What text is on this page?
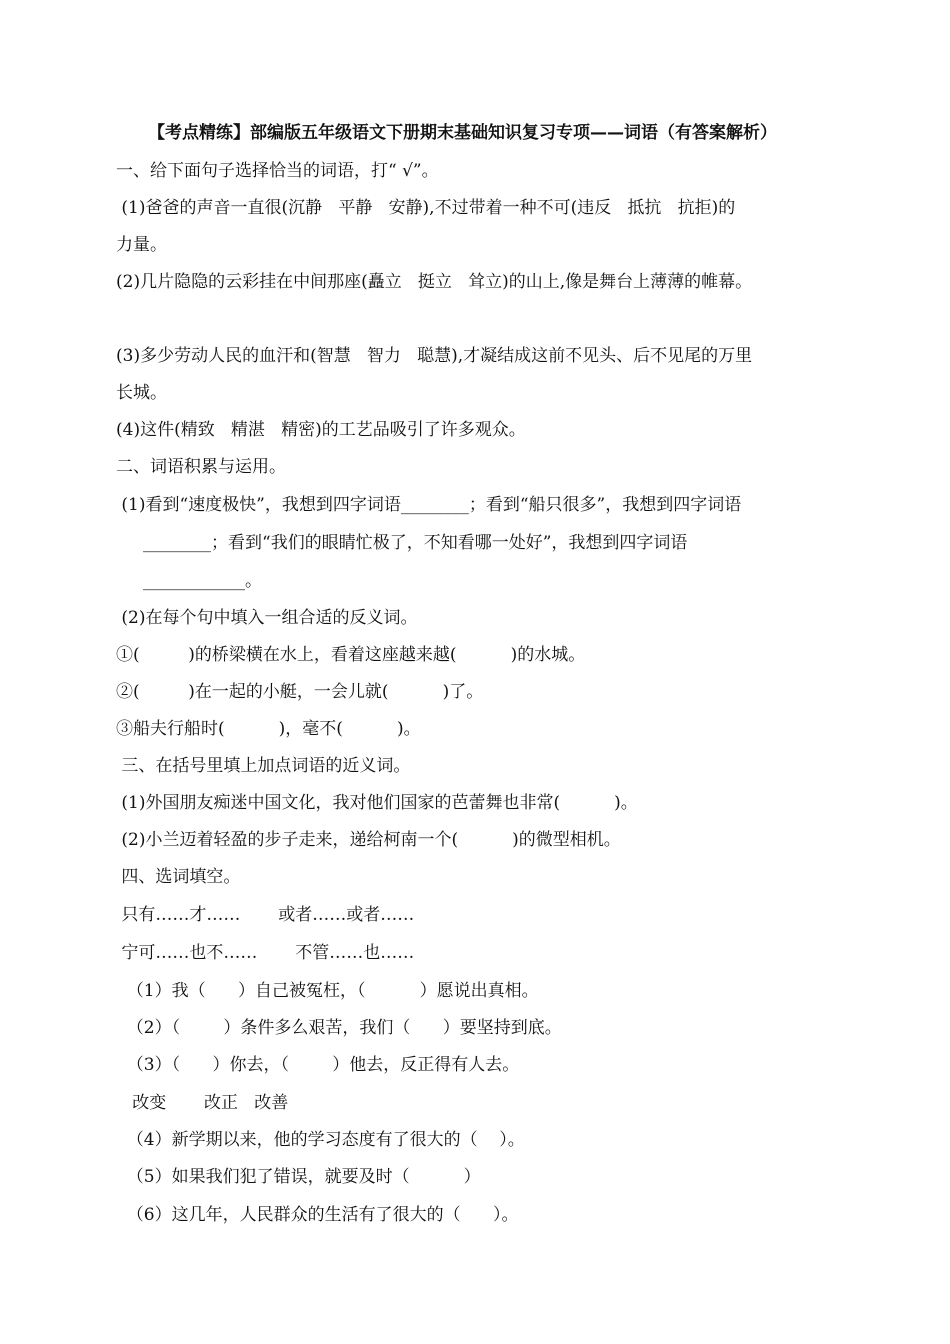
【考点精练】部编版五年级语文下册期末基础知识复习专项——词语（有答案解析）
一、给下面句子选择恰当的词语，打“ √”。
(1)爸爸的声音一直很(沉静   平静   安静),不过带着一种不可(违反   抵抗   抗拒)的
力量。
(2)几片隐隐的云彩挂在中间那座(矗立   挺立   耸立)的山上,像是舞台上薄薄的帷幕。
(3)多少劳动人民的血汗和(智慧   智力   聪慧),才凝结成这前不见头、后不见尾的万里
长城。
(4)这件(精致   精湛   精密)的工艺品吸引了许多观众。
二、词语积累与运用。
(1)看到“速度极快”，我想到四字词语________；看到“船只很多”，我想到四字词语
________；看到“我们的眼睛忙极了，不知看哪一处好”，我想到四字词语
____________。
(2)在每个句中填入一组合适的反义词。
①(         )的桥梁横在水上，看着这座越来越(          )的水城。
②(         )在一起的小艇，一会儿就(          )了。
③船夫行船时(          )，毫不(          )。
三、在括号里填上加点词语的近义词。
(1)外国朋友痴迷中国文化，我对他们国家的芭蕾舞也非常(          )。
(2)小兰迈着轻盈的步子走来，递给柯南一个(          )的微型相机。
四、选词填空。
只有……才……       或者……或者……
宁可……也不……       不管……也……
（1）我（      ）自己被冤枉，（          ）愿说出真相。
（2）（        ）条件多么艰苦，我们（      ）要坚持到底。
（3）（      ）你去，（        ）他去，反正得有人去。
改变       改正   改善
（4）新学期以来，他的学习态度有了很大的（    ）。
（5）如果我们犯了错误，就要及时（          ）
（6）这几年，人民群众的生活有了很大的（      ）。
